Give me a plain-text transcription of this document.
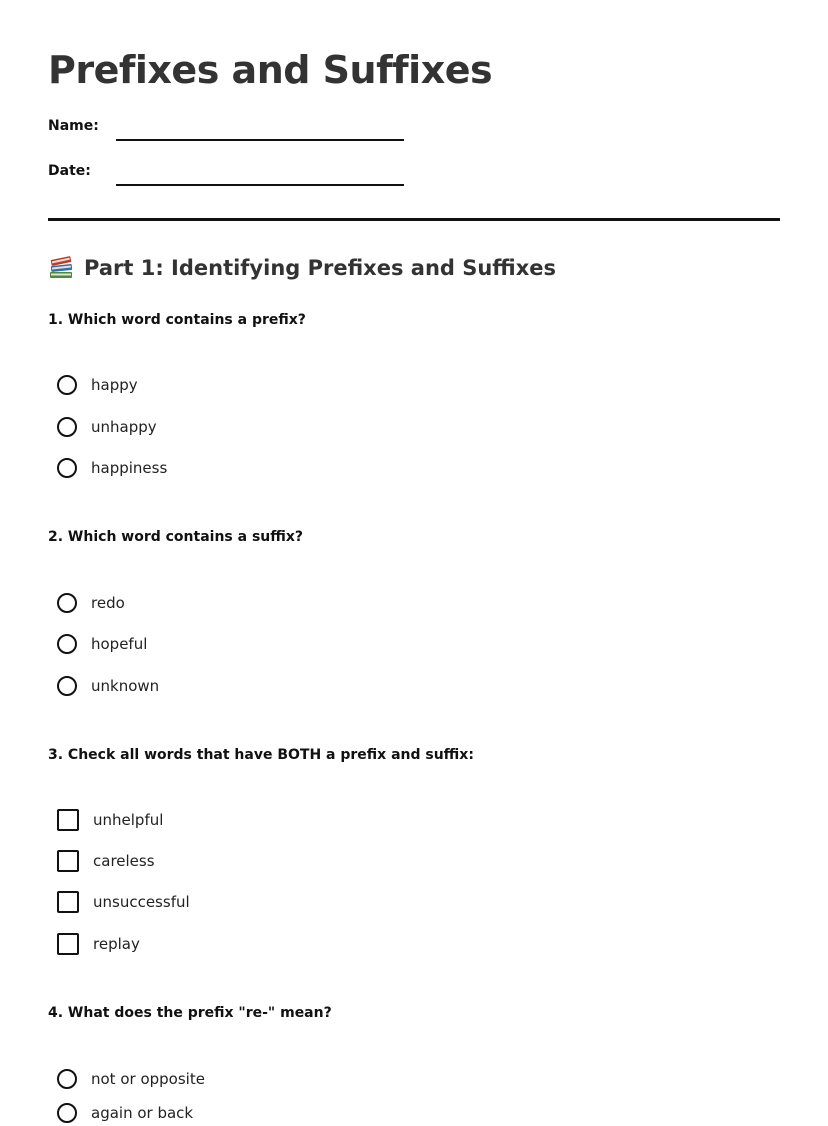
Prefixes and Suffixes
Name:
Date:
Part 1: Identifying Prefixes and Suffixes

1. Which word contains a prefix?

happy
unhappy
happiness

2. Which word contains a suffix?

redo
hopeful
unknown

3. Check all words that have BOTH a prefix and suffix:

unhelpful
careless
unsuccessful
replay

4. What does the prefix "re-" mean?

not or opposite
again or back
